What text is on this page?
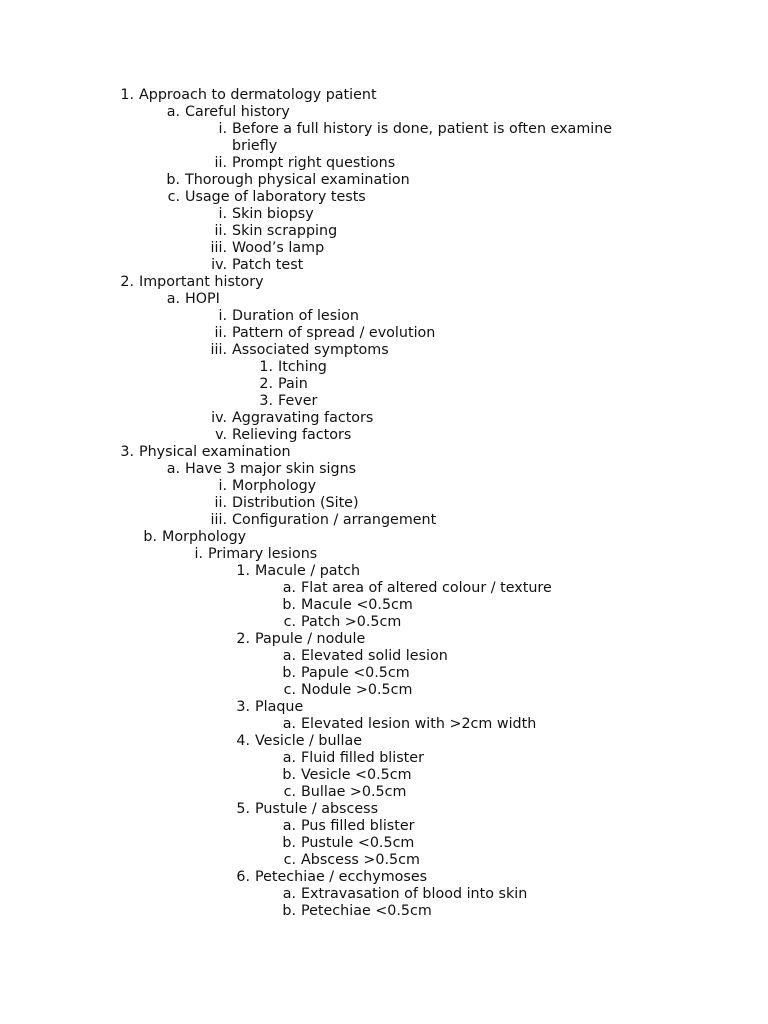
1. Approach to dermatology patient
a. Careful history
i. Before a full history is done, patient is often examine
briefly
ii. Prompt right questions
b. Thorough physical examination
c. Usage of laboratory tests
i. Skin biopsy
ii. Skin scrapping
iii. Wood’s lamp
iv. Patch test
2. Important history
a. HOPI
i. Duration of lesion
ii. Pattern of spread / evolution
iii. Associated symptoms
1. Itching
2. Pain
3. Fever
iv. Aggravating factors
v. Relieving factors
3. Physical examination
a. Have 3 major skin signs
i. Morphology
ii. Distribution (Site)
iii. Configuration / arrangement
b. Morphology
i. Primary lesions
1. Macule / patch
a. Flat area of altered colour / texture
b. Macule <0.5cm
c. Patch >0.5cm
2. Papule / nodule
a. Elevated solid lesion
b. Papule <0.5cm
c. Nodule >0.5cm
3. Plaque
a. Elevated lesion with >2cm width
4. Vesicle / bullae
a. Fluid filled blister
b. Vesicle <0.5cm
c. Bullae >0.5cm
5. Pustule / abscess
a. Pus filled blister
b. Pustule <0.5cm
c. Abscess >0.5cm
6. Petechiae / ecchymoses
a. Extravasation of blood into skin
b. Petechiae <0.5cm
